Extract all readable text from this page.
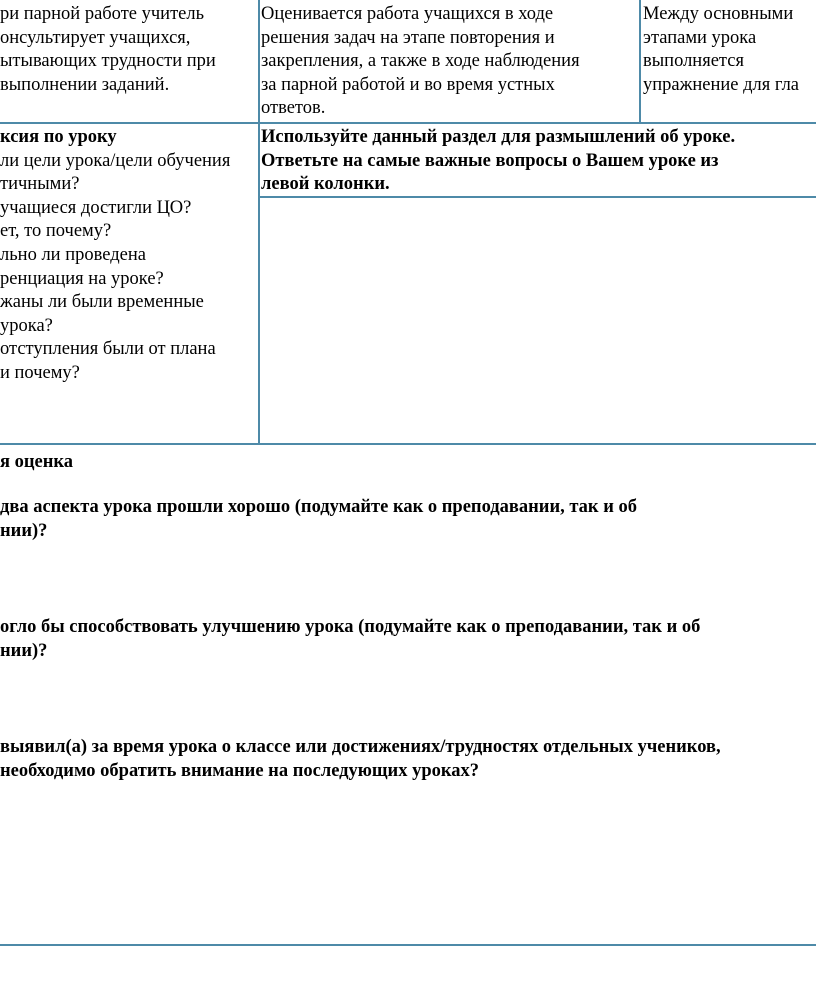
ри парной работе учитель
онсультирует учащихся,
ытывающих трудности при
выполнении заданий.
Оценивается работа учащихся в ходе
решения задач на этапе повторения и
закрепления, а также в ходе наблюдения
за парной работой и во время устных
ответов.
Между основными
этапами урока
выполняется
упражнение для гла
ксия по уроку
ли цели урока/цели обучения
тичными?
учащиеся достигли ЦО?
ет, то почему?
льно ли проведена
ренциация на уроке?
жаны ли были временные
урока?
отступления были от плана
и почему?
Используйте данный раздел для размышлений об уроке.
Ответьте на самые важные вопросы о Вашем уроке из
левой колонки.
я оценка
два аспекта урока прошли хорошо (подумайте как о преподавании, так и об
нии)?
огло бы способствовать улучшению урока (подумайте как о преподавании, так и об
нии)?
выявил(а) за время урока о классе или достижениях/трудностях отдельных учеников,
необходимо обратить внимание на последующих уроках?
